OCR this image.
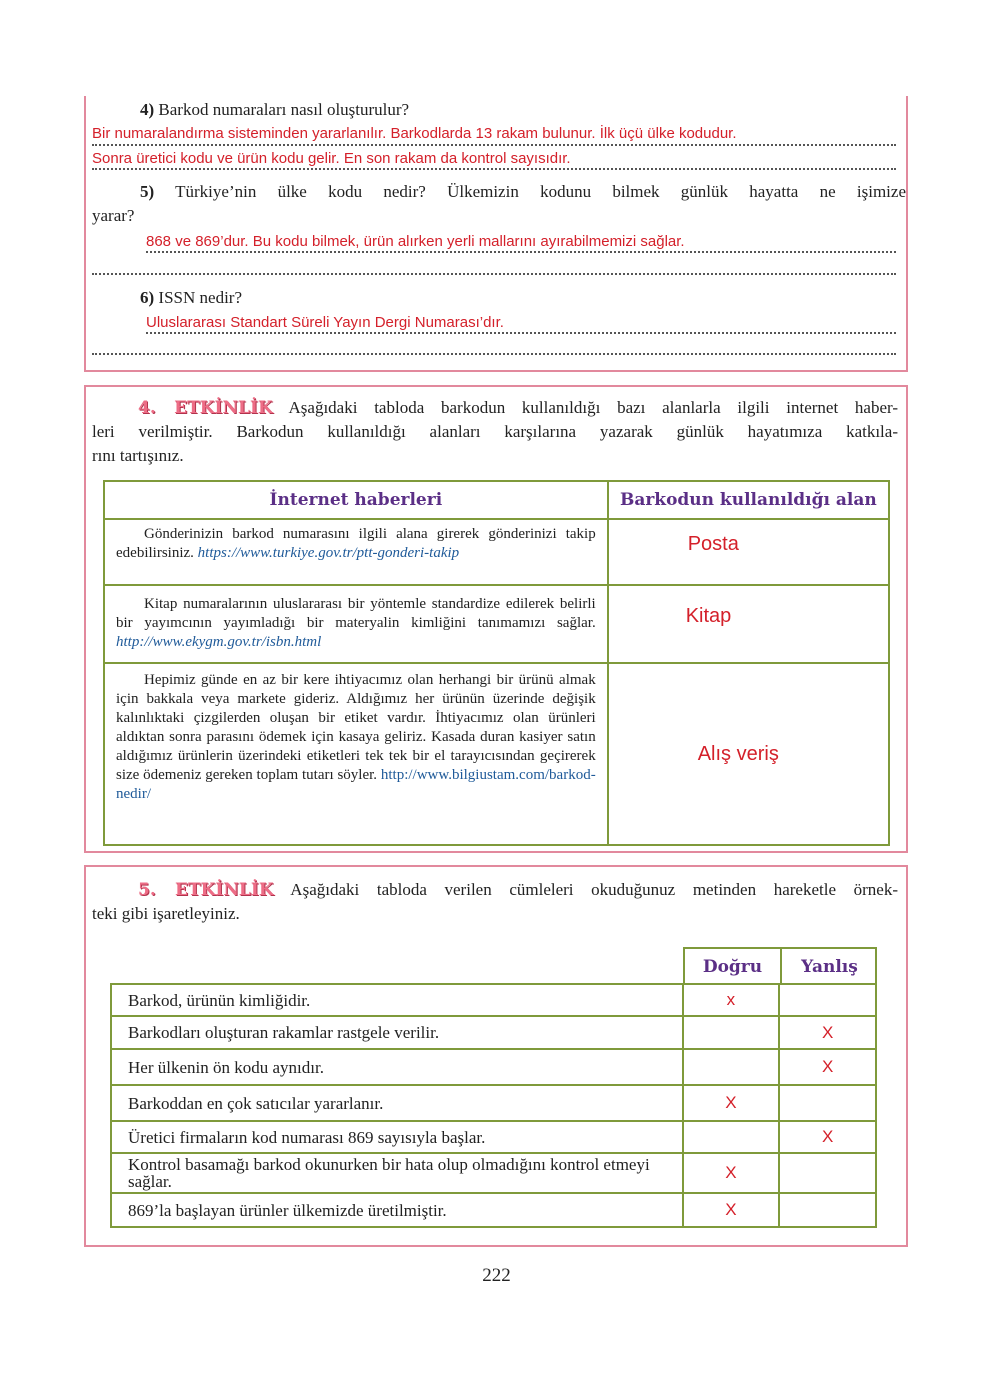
4) Barkod numaraları nasıl oluşturulur?
Bir numaralandırma sisteminden yararlanılır. Barkodlarda 13 rakam bulunur. İlk üçü ülke kodudur.
Sonra üretici kodu ve ürün kodu gelir. En son rakam da kontrol sayısıdır.
5) Türkiye’nin ülke kodu nedir? Ülkemizin kodunu bilmek günlük hayatta ne işimize
yarar?
868 ve 869’dur. Bu kodu bilmek, ürün alırken yerli mallarını ayırabilmemizi sağlar.
6) ISSN nedir?
Uluslararası Standart Süreli Yayın Dergi Numarası’dır.
4. ETKİNLİK Aşağıdaki tabloda barkodun kullanıldığı bazı alanlarla ilgili internet haber-
leri verilmiştir. Barkodun kullanıldığı alanları karşılarına yazarak günlük hayatımıza katkıla-
rını tartışınız.
İnternet haberleri	Barkodun kullanıldığı alan

Gönderinizin barkod numarasını ilgili alana girerek gönderinizi takip edebilirsiniz. https://www.turkiye.gov.tr/ptt-gonderi-takip	Posta

Kitap numaralarının uluslararası bir yöntemle standardize edilerek belirli bir yayımcının yayımladığı bir materyalin kimliğini tanımamızı sağlar. http://www.ekygm.gov.tr/isbn.html	Kitap

Hepimiz günde en az bir kere ihtiyacımız olan herhangi bir ürünü almak için bakkala veya markete gideriz. Aldığımız her ürünün üzerinde değişik kalınlıktaki çizgilerden oluşan bir etiket vardır. İhtiyacımız olan ürünleri aldıktan sonra parasını ödemek için kasaya geliriz. Kasada duran kasiyer satın aldığımız ürünlerin üzerindeki etiketleri tek tek bir el tarayıcısından geçirerek size ödemeniz gereken toplam tutarı söyler. http://www.bilgiustam.com/barkod-nedir/	Alış veriş
5. ETKİNLİK Aşağıdaki tabloda verilen cümleleri okuduğunuz metinden hareketle örnek-
teki gibi işaretleyiniz.
Doğru	Yanlış
Barkod, ürünün kimliğidir.	x	
Barkodları oluşturan rakamlar rastgele verilir.		X
Her ülkenin ön kodu aynıdır.		X
Barkoddan en çok satıcılar yararlanır.	X	
Üretici firmaların kod numarası 869 sayısıyla başlar.		X
Kontrol basamağı barkod okunurken bir hata olup olmadığını kontrol etmeyi sağlar.	X	
869’la başlayan ürünler ülkemizde üretilmiştir.	X	
222
